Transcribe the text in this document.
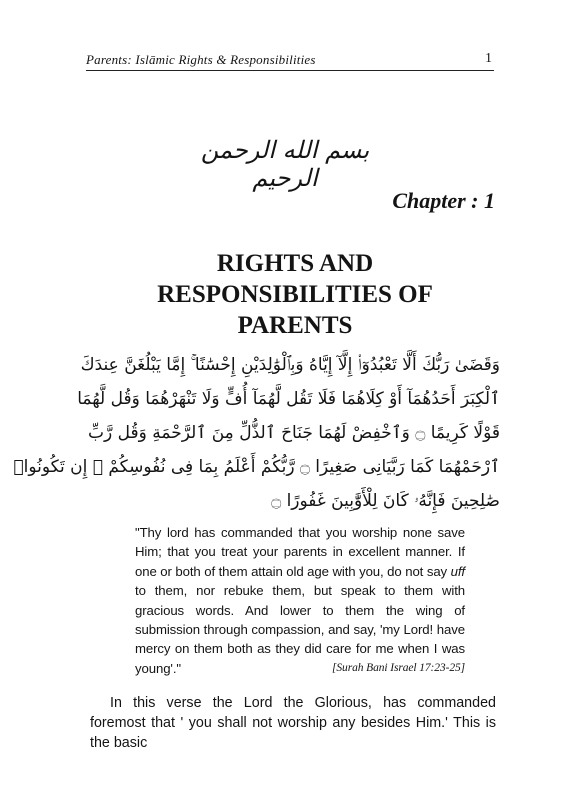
Parents: Islāmic Rights & Responsibilities	1
بسم الله الرحمن الرحيم
Chapter : 1
RIGHTS AND
RESPONSIBILITIES OF
PARENTS
وَقَضَىٰ رَبُّكَ أَلَّا تَعْبُدُوٓا۟ إِلَّآ إِيَّاهُ وَبِٱلْوَٰلِدَيْنِ إِحْسَٰنًا ۚ إِمَّا يَبْلُغَنَّ عِندَكَ
ٱلْكِبَرَ أَحَدُهُمَآ أَوْ كِلَاهُمَا فَلَا تَقُل لَّهُمَآ أُفٍّ وَلَا تَنْهَرْهُمَا وَقُل لَّهُمَا
قَوْلًا كَرِيمًا ۝ وَٱخْفِضْ لَهُمَا جَنَاحَ ٱلذُّلِّ مِنَ ٱلرَّحْمَةِ وَقُل رَّبِّ
ٱرْحَمْهُمَا كَمَا رَبَّيَانِى صَغِيرًا ۝ رَّبُّكُمْ أَعْلَمُ بِمَا فِى نُفُوسِكُمْ ۚ إِن تَكُونُوا۟
صَٰلِحِينَ فَإِنَّهُۥ كَانَ لِلْأَوَّٰبِينَ غَفُورًا ۝

"Thy lord has commanded that you worship none save Him; that you treat your parents in excellent manner. If one or both of them attain old age with you, do not say uff to them, nor rebuke them, but speak to them with gracious words. And lower to them the wing of submission through compassion, and say, 'my Lord! have mercy on them both as they did care for me when I was young'."	[Surah Bani Israel 17:23-25]

In this verse the Lord the Glorious, has commanded foremost that ' you shall not worship any besides Him.' This is the basic
